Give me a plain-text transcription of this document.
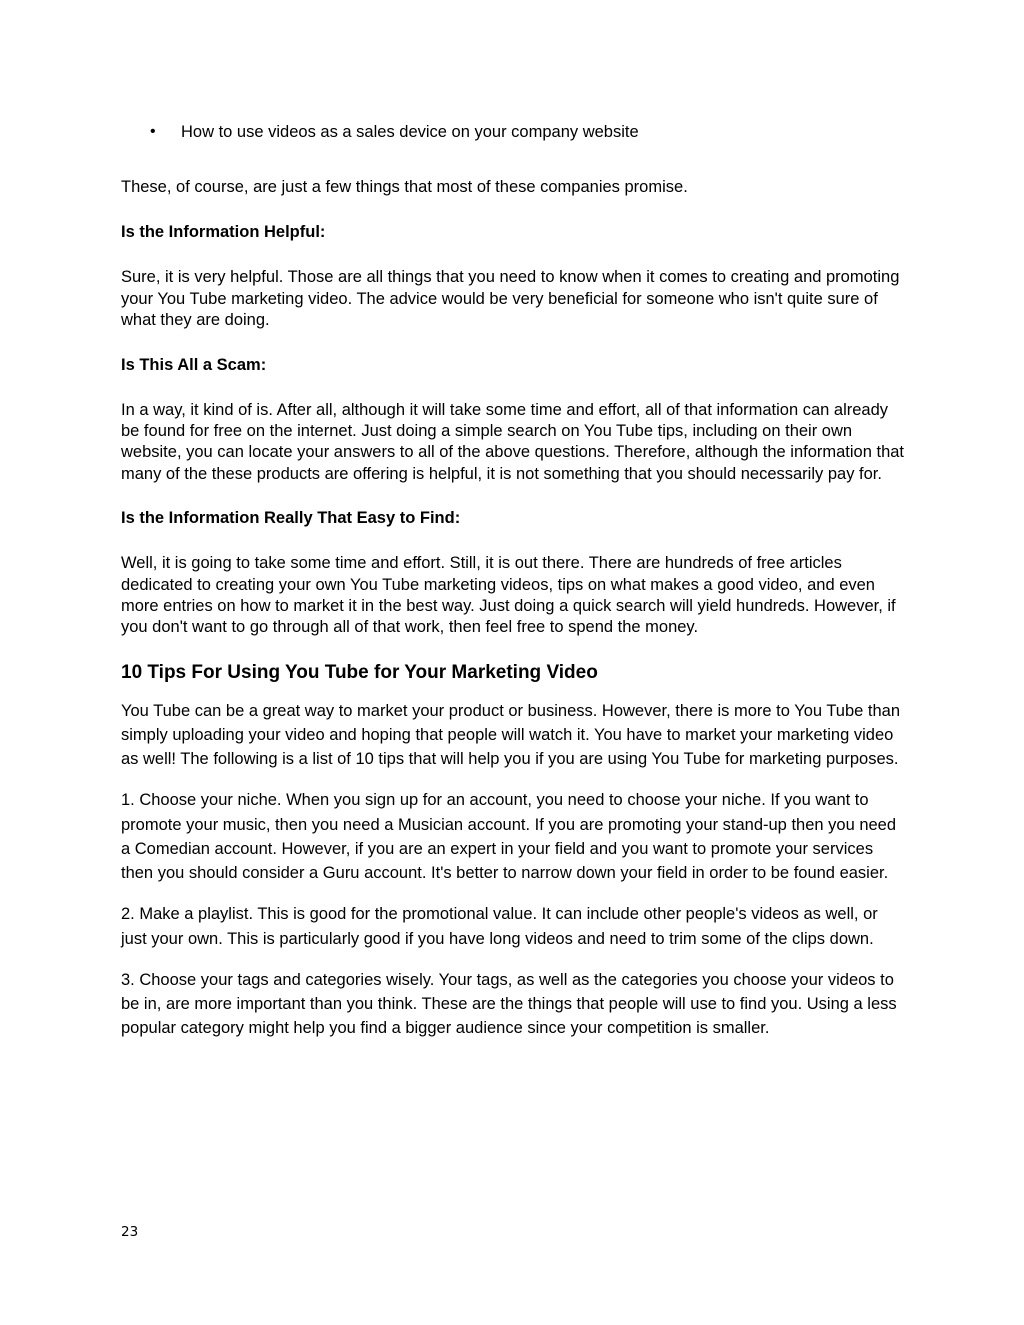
• How to use videos as a sales device on your company website

These, of course, are just a few things that most of these companies promise.

Is the Information Helpful:

Sure, it is very helpful. Those are all things that you need to know when it comes to creating and promoting your You Tube marketing video. The advice would be very beneficial for someone who isn't quite sure of what they are doing.

Is This All a Scam:

In a way, it kind of is. After all, although it will take some time and effort, all of that information can already be found for free on the internet. Just doing a simple search on You Tube tips, including on their own website, you can locate your answers to all of the above questions. Therefore, although the information that many of the these products are offering is helpful, it is not something that you should necessarily pay for.

Is the Information Really That Easy to Find:

Well, it is going to take some time and effort. Still, it is out there. There are hundreds of free articles dedicated to creating your own You Tube marketing videos, tips on what makes a good video, and even more entries on how to market it in the best way. Just doing a quick search will yield hundreds. However, if you don't want to go through all of that work, then feel free to spend the money.

10 Tips For Using You Tube for Your Marketing Video

You Tube can be a great way to market your product or business. However, there is more to You Tube than simply uploading your video and hoping that people will watch it. You have to market your marketing video as well! The following is a list of 10 tips that will help you if you are using You Tube for marketing purposes.

1. Choose your niche. When you sign up for an account, you need to choose your niche. If you want to promote your music, then you need a Musician account. If you are promoting your stand-up then you need a Comedian account. However, if you are an expert in your field and you want to promote your services then you should consider a Guru account. It's better to narrow down your field in order to be found easier.

2. Make a playlist. This is good for the promotional value. It can include other people's videos as well, or just your own. This is particularly good if you have long videos and need to trim some of the clips down.

3. Choose your tags and categories wisely. Your tags, as well as the categories you choose your videos to be in, are more important than you think. These are the things that people will use to find you. Using a less popular category might help you find a bigger audience since your competition is smaller.

23
